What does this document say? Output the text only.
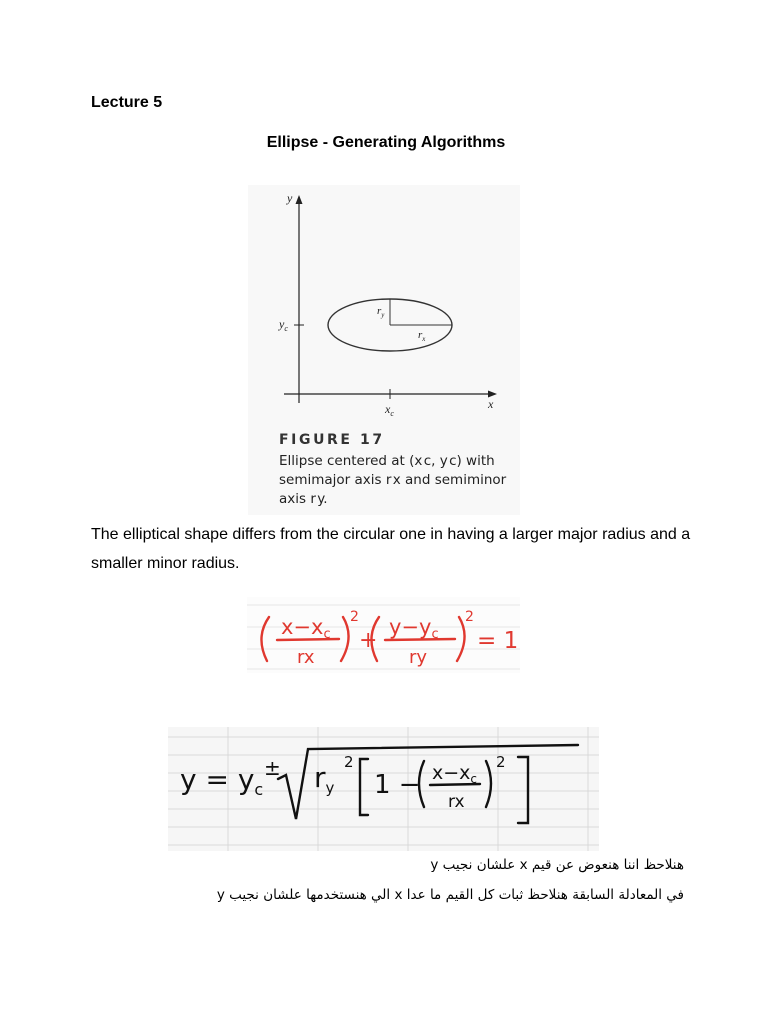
Lecture 5
Ellipse - Generating Algorithms
y
x
$y_c$
$x_c$
$r_y$
$r_x$
FIGURE 17
Ellipse centered at (x c, y c) with semimajor axis r x and semiminor axis r y.
The elliptical shape differs from the circular one in having a larger major radius and a smaller minor radius.
x−xc
rx
2
+
y−yc
ry
2
= 1
$y = y_c$
± $r_y$
2
$1 - x-x_c$
rx
2
هنلاحظ اننا هنعوض عن قيم x علشان نجيب y
في المعادلة السابقة هنلاحظ ثبات كل القيم ما عدا x الي هنستخدمها علشان نجيب y
